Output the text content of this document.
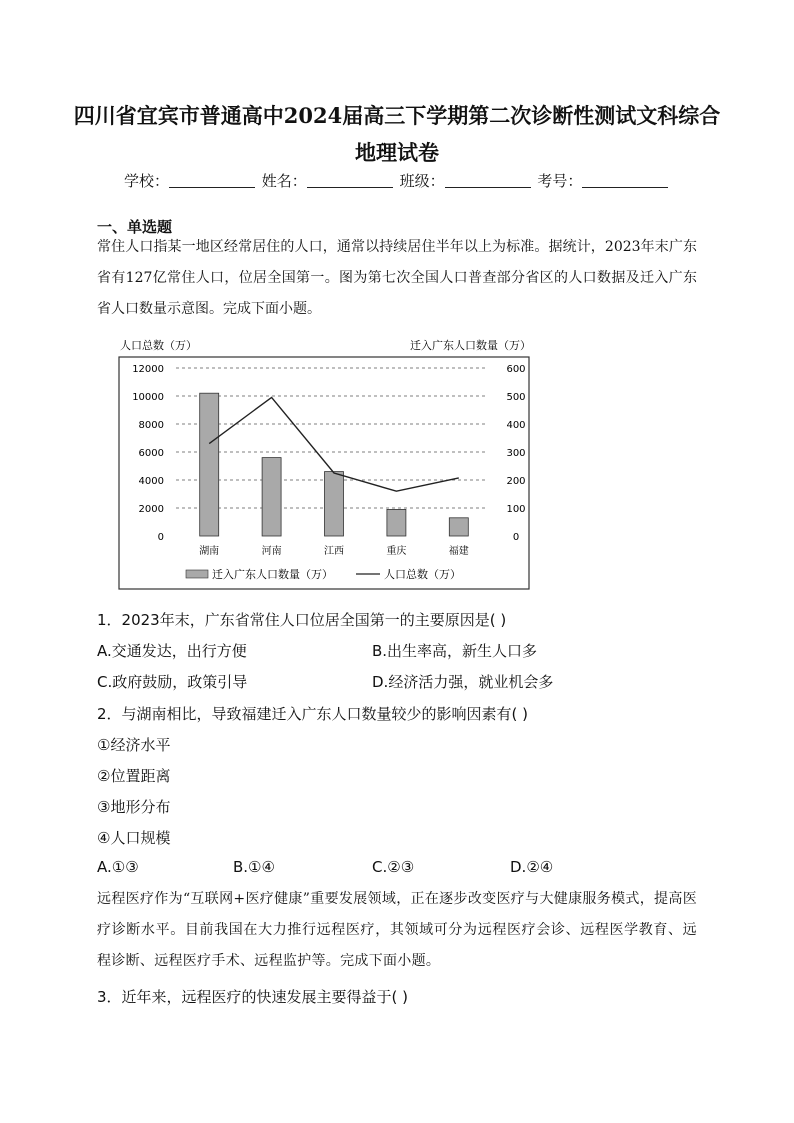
四川省宜宾市普通高中2024届高三下学期第二次诊断性测试文科综合
地理试卷
学校：	姓名：	班级：	考号：
一、单选题
常住人口指某一地区经常居住的人口，通常以持续居住半年以上为标准。据统计，2023年末广东省有127亿常住人口，位居全国第一。图为第七次全国人口普查部分省区的人口数据及迁入广东省人口数量示意图。完成下面小题。
人口总数（万）	迁入广东人口数量（万）
0
2000
4000
6000
8000
10000
12000
0
100
200
300
400
500
600
湖南	河南	江西	重庆	福建
迁入广东人口数量（万）	人口总数（万）
1．2023年末，广东省常住人口位居全国第一的主要原因是( )
A.交通发达，出行方便	B.出生率高，新生人口多
C.政府鼓励，政策引导	D.经济活力强，就业机会多
2．与湖南相比，导致福建迁入广东人口数量较少的影响因素有( )
①经济水平
②位置距离
③地形分布
④人口规模
A.①③	B.①④	C.②③	D.②④
远程医疗作为“互联网+医疗健康”重要发展领域，正在逐步改变医疗与大健康服务模式，提高医疗诊断水平。目前我国在大力推行远程医疗，其领域可分为远程医疗会诊、远程医学教育、远程诊断、远程医疗手术、远程监护等。完成下面小题。
3．近年来，远程医疗的快速发展主要得益于( )
